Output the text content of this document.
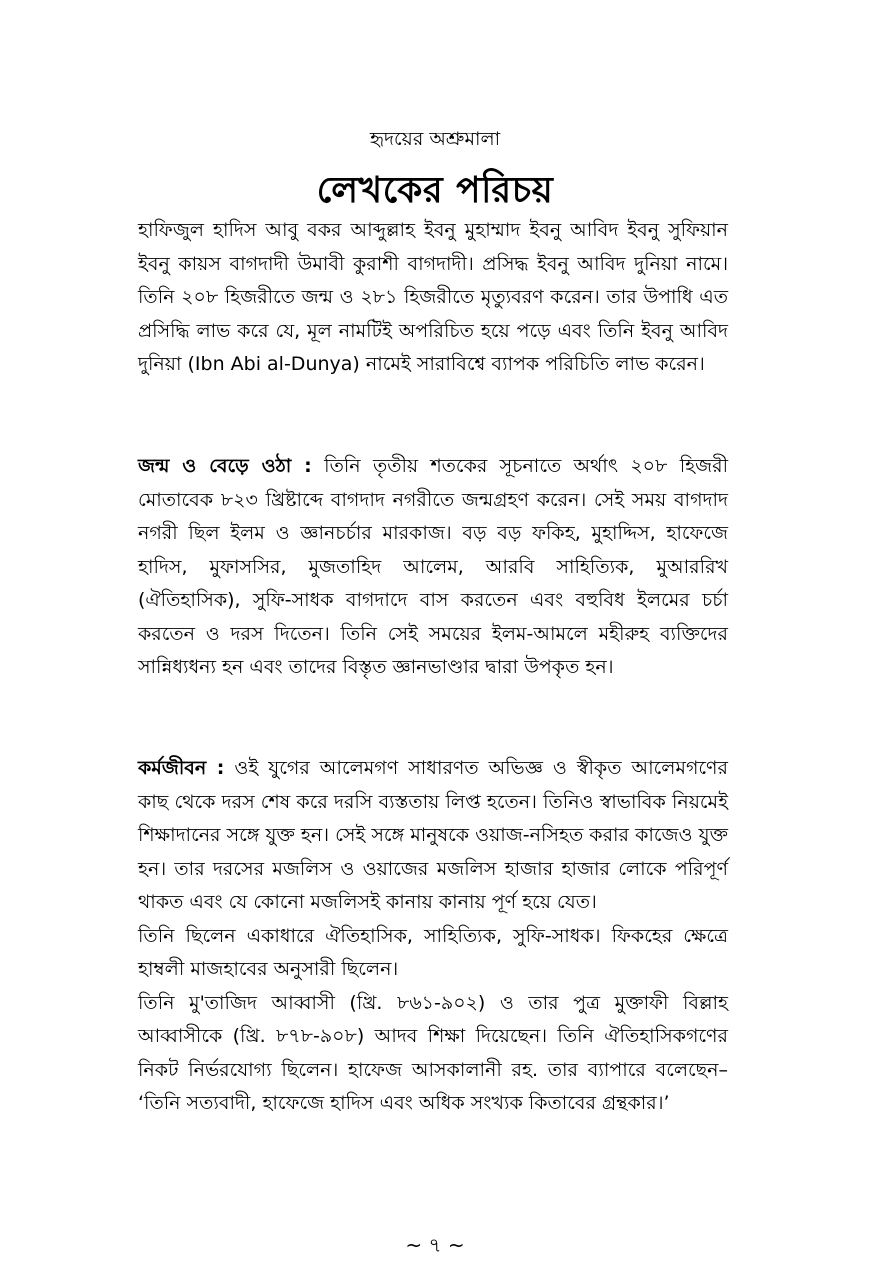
হৃদয়ের অশ্রুমালা
লেখকের পরিচয়

হাফিজুল হাদিস আবু বকর আব্দুল্লাহ ইবনু মুহাম্মাদ ইবনু আবিদ ইবনু সুফিয়ান ইবনু কায়স বাগদাদী উমাবী কুরাশী বাগদাদী। প্রসিদ্ধ ইবনু আবিদ দুনিয়া নামে। তিনি ২০৮ হিজরীতে জন্ম ও ২৮১ হিজরীতে মৃত্যুবরণ করেন। তার উপাধি এত প্রসিদ্ধি লাভ করে যে, মূল নামটিই অপরিচিত হয়ে পড়ে এবং তিনি ইবনু আবিদ দুনিয়া (Ibn Abi al-Dunya) নামেই সারাবিশ্বে ব্যাপক পরিচিতি লাভ করেন।

জন্ম ও বেড়ে ওঠা : তিনি তৃতীয় শতকের সূচনাতে অর্থাৎ ২০৮ হিজরী মোতাবেক ৮২৩ খ্রিষ্টাব্দে বাগদাদ নগরীতে জন্মগ্রহণ করেন। সেই সময় বাগদাদ নগরী ছিল ইলম ও জ্ঞানচর্চার মারকাজ। বড় বড় ফকিহ, মুহাদ্দিস, হাফেজে হাদিস, মুফাসসির, মুজতাহিদ আলেম, আরবি সাহিত্যিক, মুআররিখ (ঐতিহাসিক), সুফি-সাধক বাগদাদে বাস করতেন এবং বহুবিধ ইলমের চর্চা করতেন ও দরস দিতেন। তিনি সেই সময়ের ইলম-আমলে মহীরুহ ব্যক্তিদের সান্নিধ্যধন্য হন এবং তাদের বিস্তৃত জ্ঞানভাণ্ডার দ্বারা উপকৃত হন।

কর্মজীবন : ওই যুগের আলেমগণ সাধারণত অভিজ্ঞ ও স্বীকৃত আলেমগণের কাছ থেকে দরস শেষ করে দরসি ব্যস্ততায় লিপ্ত হতেন। তিনিও স্বাভাবিক নিয়মেই শিক্ষাদানের সঙ্গে যুক্ত হন। সেই সঙ্গে মানুষকে ওয়াজ-নসিহত করার কাজেও যুক্ত হন। তার দরসের মজলিস ও ওয়াজের মজলিস হাজার হাজার লোকে পরিপূর্ণ থাকত এবং যে কোনো মজলিসই কানায় কানায় পূর্ণ হয়ে যেত।

তিনি ছিলেন একাধারে ঐতিহাসিক, সাহিত্যিক, সুফি-সাধক। ফিকহের ক্ষেত্রে হাম্বলী মাজহাবের অনুসারী ছিলেন।

তিনি মু'তাজিদ আব্বাসী (খ্রি. ৮৬১-৯০২) ও তার পুত্র মুক্তাফী বিল্লাহ আব্বাসীকে (খ্রি. ৮৭৮-৯০৮) আদব শিক্ষা দিয়েছেন। তিনি ঐতিহাসিকগণের নিকট নির্ভরযোগ্য ছিলেন। হাফেজ আসকালানী রহ. তার ব্যাপারে বলেছেন– ‘তিনি সত্যবাদী, হাফেজে হাদিস এবং অধিক সংখ্যক কিতাবের গ্রন্থকার।’

~ ৭ ~
